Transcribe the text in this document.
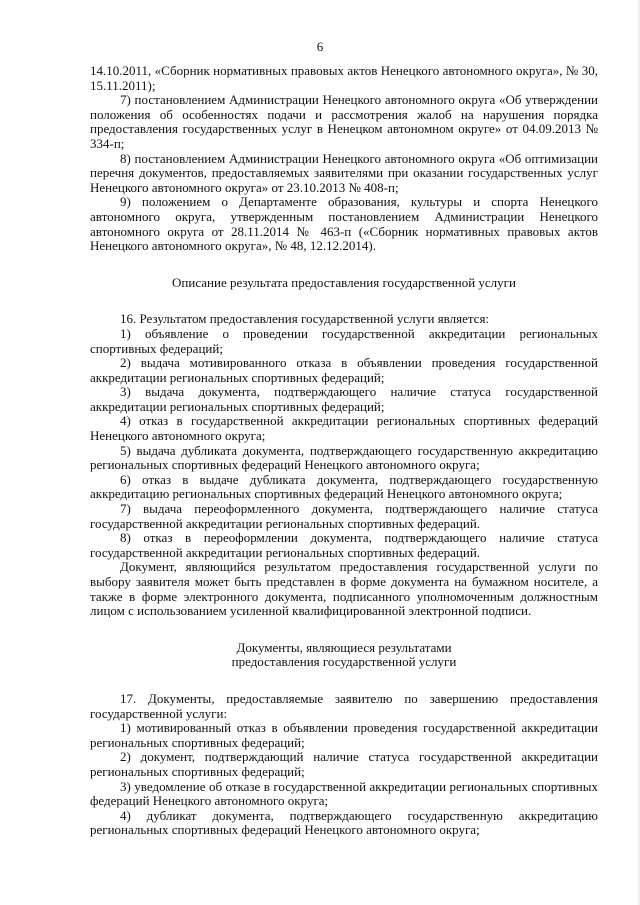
6

14.10.2011, «Сборник нормативных правовых актов Ненецкого автономного округа», № 30, 15.11.2011);

7) постановлением Администрации Ненецкого автономного округа «Об утверждении положения об особенностях подачи и рассмотрения жалоб на нарушения порядка предоставления государственных услуг в Ненецком автономном округе» от 04.09.2013 № 334-п;

8) постановлением Администрации Ненецкого автономного округа «Об оптимизации перечня документов, предоставляемых заявителями при оказании государственных услуг Ненецкого автономного округа» от 23.10.2013 № 408-п;

9) положением о Департаменте образования, культуры и спорта Ненецкого автономного округа, утвержденным постановлением Администрации Ненецкого автономного округа от 28.11.2014 № 463-п («Сборник нормативных правовых актов Ненецкого автономного округа», № 48, 12.12.2014).

Описание результата предоставления государственной услуги

16. Результатом предоставления государственной услуги является:

1) объявление о проведении государственной аккредитации региональных спортивных федераций;

2) выдача мотивированного отказа в объявлении проведения государственной аккредитации региональных спортивных федераций;

3) выдача документа, подтверждающего наличие статуса государственной аккредитации региональных спортивных федераций;

4) отказ в государственной аккредитации региональных спортивных федераций Ненецкого автономного округа;

5) выдача дубликата документа, подтверждающего государственную аккредитацию региональных спортивных федераций Ненецкого автономного округа;

6) отказ в выдаче дубликата документа, подтверждающего государственную аккредитацию региональных спортивных федераций Ненецкого автономного округа;

7) выдача переоформленного документа, подтверждающего наличие статуса государственной аккредитации региональных спортивных федераций.

8) отказ в переоформлении документа, подтверждающего наличие статуса государственной аккредитации региональных спортивных федераций.

Документ, являющийся результатом предоставления государственной услуги по выбору заявителя может быть представлен в форме документа на бумажном носителе, а также в форме электронного документа, подписанного уполномоченным должностным лицом с использованием усиленной квалифицированной электронной подписи.

Документы, являющиеся результатами
предоставления государственной услуги

17. Документы, предоставляемые заявителю по завершению предоставления государственной услуги:

1) мотивированный отказ в объявлении проведения государственной аккредитации региональных спортивных федераций;

2) документ, подтверждающий наличие статуса государственной аккредитации региональных спортивных федераций;

3) уведомление об отказе в государственной аккредитации региональных спортивных федераций Ненецкого автономного округа;

4) дубликат документа, подтверждающего государственную аккредитацию региональных спортивных федераций Ненецкого автономного округа;
